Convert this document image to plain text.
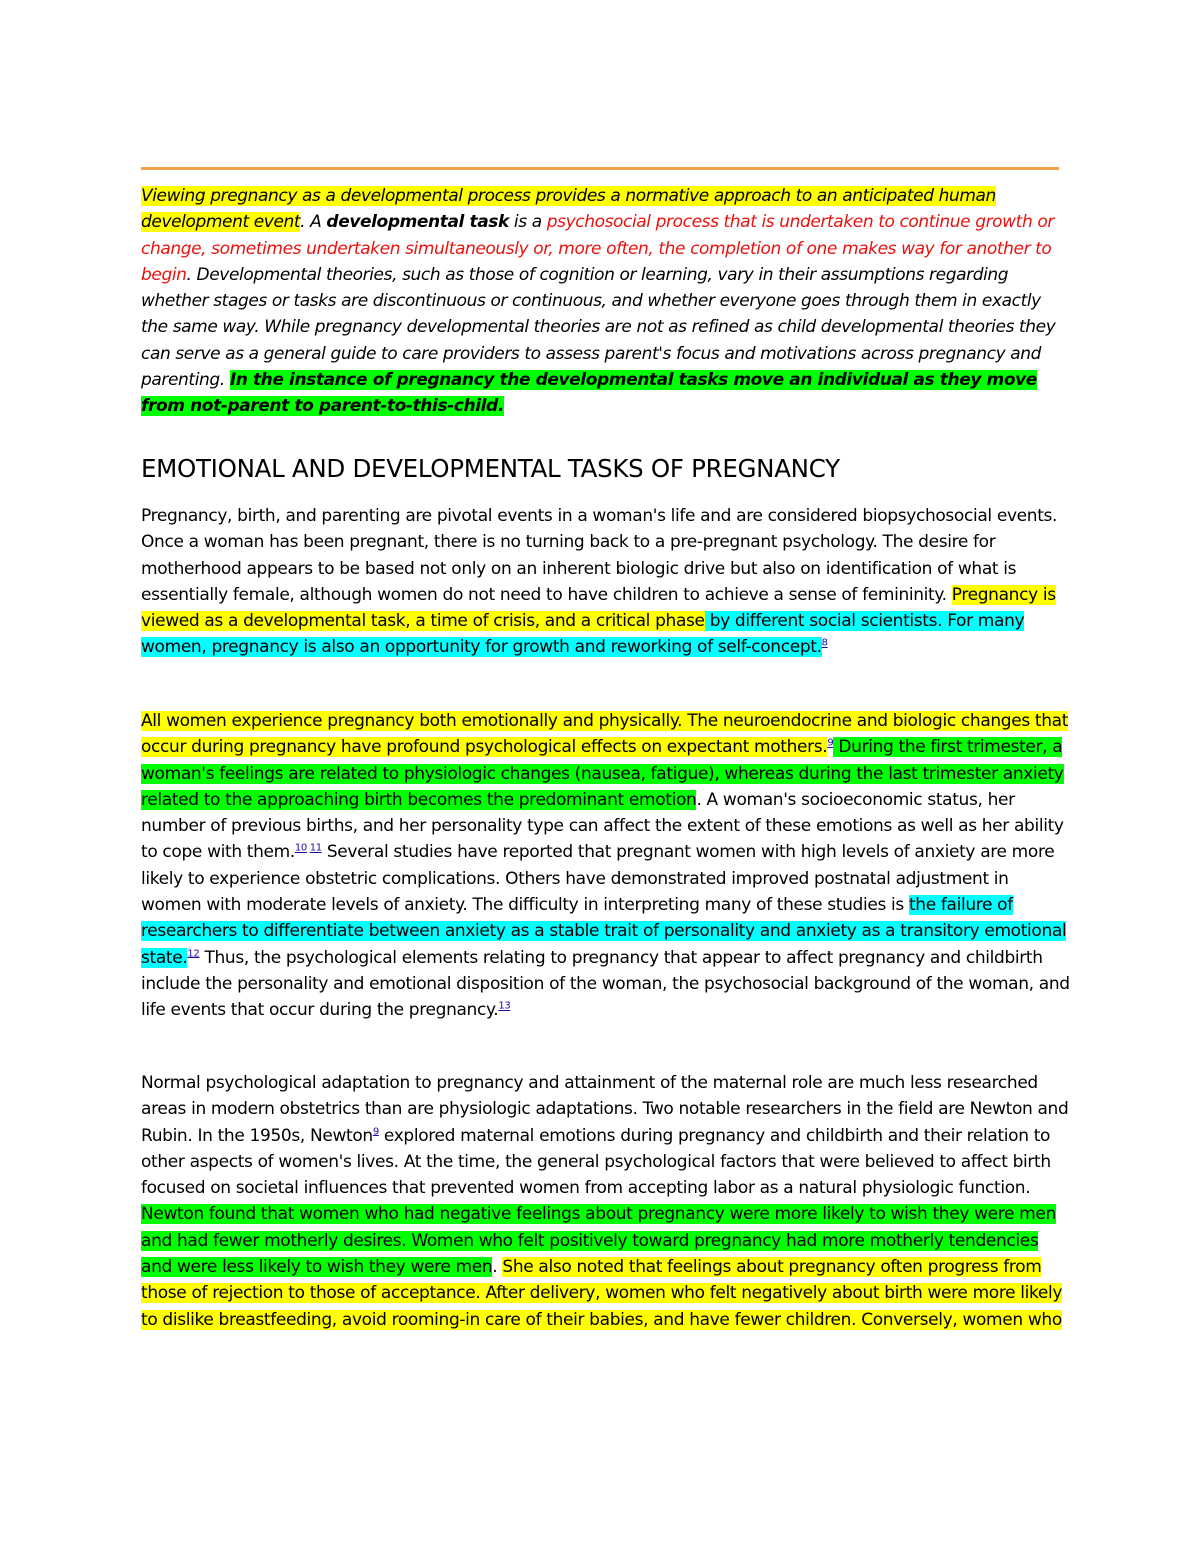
Viewing pregnancy as a developmental process provides a normative approach to an anticipated human development event. A developmental task is a psychosocial process that is undertaken to continue growth or change, sometimes undertaken simultaneously or, more often, the completion of one makes way for another to begin. Developmental theories, such as those of cognition or learning, vary in their assumptions regarding whether stages or tasks are discontinuous or continuous, and whether everyone goes through them in exactly the same way. While pregnancy developmental theories are not as refined as child developmental theories they can serve as a general guide to care providers to assess parent's focus and motivations across pregnancy and parenting. In the instance of pregnancy the developmental tasks move an individual as they move from not-parent to parent-to-this-child.

EMOTIONAL AND DEVELOPMENTAL TASKS OF PREGNANCY

Pregnancy, birth, and parenting are pivotal events in a woman's life and are considered biopsychosocial events. Once a woman has been pregnant, there is no turning back to a pre-pregnant psychology. The desire for motherhood appears to be based not only on an inherent biologic drive but also on identification of what is essentially female, although women do not need to have children to achieve a sense of femininity. Pregnancy is viewed as a developmental task, a time of crisis, and a critical phase by different social scientists. For many women, pregnancy is also an opportunity for growth and reworking of self-concept.$^8$

All women experience pregnancy both emotionally and physically. The neuroendocrine and biologic changes that occur during pregnancy have profound psychological effects on expectant mothers.$^9$ During the first trimester, a woman's feelings are related to physiologic changes (nausea, fatigue), whereas during the last trimester anxiety related to the approaching birth becomes the predominant emotion. A woman's socioeconomic status, her number of previous births, and her personality type can affect the extent of these emotions as well as her ability to cope with them.$^{10 11}$ Several studies have reported that pregnant women with high levels of anxiety are more likely to experience obstetric complications. Others have demonstrated improved postnatal adjustment in women with moderate levels of anxiety. The difficulty in interpreting many of these studies is the failure of researchers to differentiate between anxiety as a stable trait of personality and anxiety as a transitory emotional state.$^{12}$ Thus, the psychological elements relating to pregnancy that appear to affect pregnancy and childbirth include the personality and emotional disposition of the woman, the psychosocial background of the woman, and life events that occur during the pregnancy.$^{13}$

Normal psychological adaptation to pregnancy and attainment of the maternal role are much less researched areas in modern obstetrics than are physiologic adaptations. Two notable researchers in the field are Newton and Rubin. In the 1950s, Newton$^9$ explored maternal emotions during pregnancy and childbirth and their relation to other aspects of women's lives. At the time, the general psychological factors that were believed to affect birth focused on societal influences that prevented women from accepting labor as a natural physiologic function. Newton found that women who had negative feelings about pregnancy were more likely to wish they were men and had fewer motherly desires. Women who felt positively toward pregnancy had more motherly tendencies and were less likely to wish they were men. She also noted that feelings about pregnancy often progress from those of rejection to those of acceptance. After delivery, women who felt negatively about birth were more likely to dislike breastfeeding, avoid rooming-in care of their babies, and have fewer children. Conversely, women who
